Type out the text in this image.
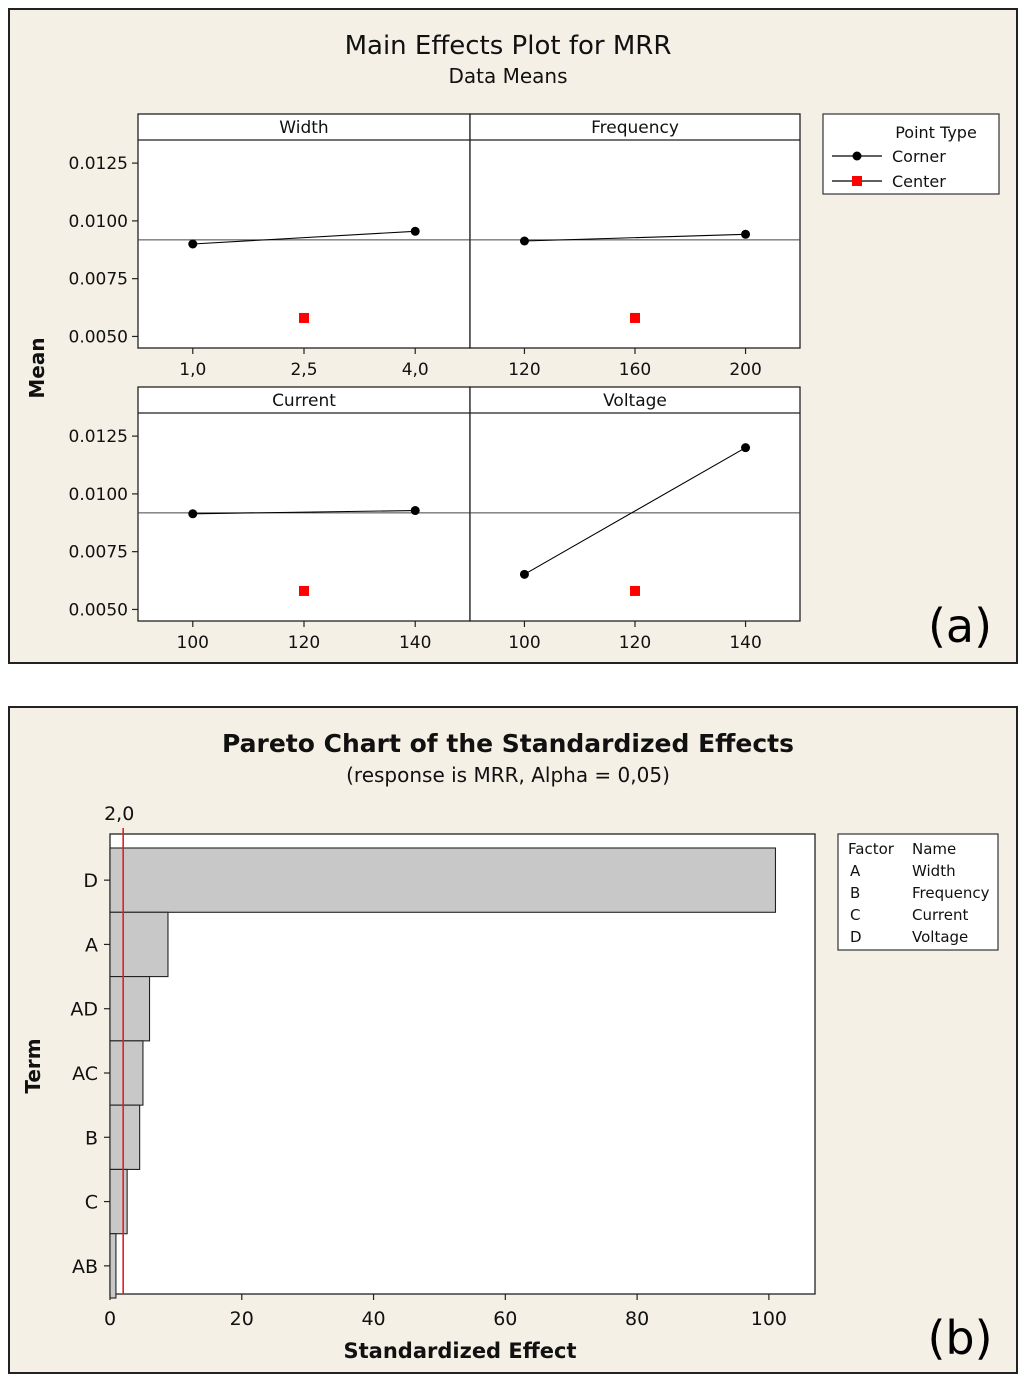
Main Effects Plot for MRR
Data Means
Mean
Width
1,0	2,5	4,0
0.0050
0.0075
0.0100
0.0125
Frequency
120	160	200
Current
100	120	140
0.0050
0.0075
0.0100
0.0125
Voltage
100	120	140
Point Type
Corner
Center
(a)
Pareto Chart of the Standardized Effects
(response is MRR, Alpha = 0,05)
Term
Standardized Effect
D
A
AD
AC
B
C
AB
0	20	40	60	80	100
2,0
Factor Name
A	Width
B	Frequency
C	Current
D	Voltage
(b)
